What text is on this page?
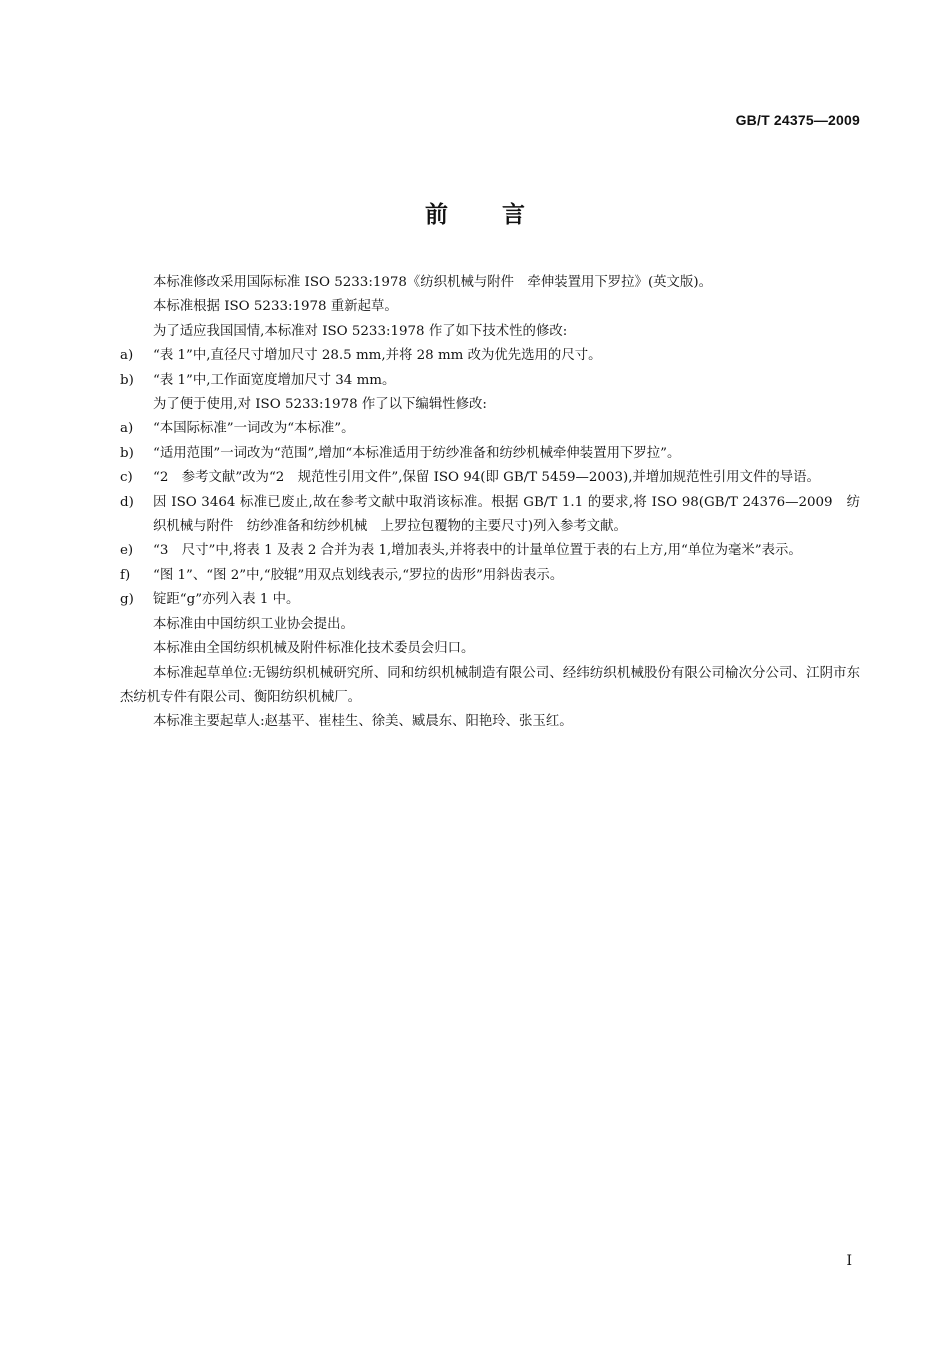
GB/T 24375—2009
前言

本标准修改采用国际标准 ISO 5233:1978《纺织机械与附件　牵伸装置用下罗拉》(英文版)。

本标准根据 ISO 5233:1978 重新起草。

为了适应我国国情,本标准对 ISO 5233:1978 作了如下技术性的修改:

a)	“表 1”中,直径尺寸增加尺寸 28.5 mm,并将 28 mm 改为优先选用的尺寸。
b)	“表 1”中,工作面宽度增加尺寸 34 mm。

为了便于使用,对 ISO 5233:1978 作了以下编辑性修改:

a)	“本国际标准”一词改为“本标准”。
b)	“适用范围”一词改为“范围”,增加“本标准适用于纺纱准备和纺纱机械牵伸装置用下罗拉”。
c)	“2　参考文献”改为“2　规范性引用文件”,保留 ISO 94(即 GB/T 5459—2003),并增加规范性引用文件的导语。
d)	因 ISO 3464 标准已废止,故在参考文献中取消该标准。根据 GB/T 1.1 的要求,将 ISO 98(GB/T 24376—2009　纺织机械与附件　纺纱准备和纺纱机械　上罗拉包覆物的主要尺寸)列入参考文献。
e)	“3　尺寸”中,将表 1 及表 2 合并为表 1,增加表头,并将表中的计量单位置于表的右上方,用“单位为毫米”表示。
f)	“图 1”、“图 2”中,“胶辊”用双点划线表示,“罗拉的齿形”用斜齿表示。
g)	锭距“g”亦列入表 1 中。

本标准由中国纺织工业协会提出。

本标准由全国纺织机械及附件标准化技术委员会归口。

本标准起草单位:无锡纺织机械研究所、同和纺织机械制造有限公司、经纬纺织机械股份有限公司榆次分公司、江阴市东杰纺机专件有限公司、衡阳纺织机械厂。

本标准主要起草人:赵基平、崔桂生、徐美、臧晨东、阳艳玲、张玉红。

I
